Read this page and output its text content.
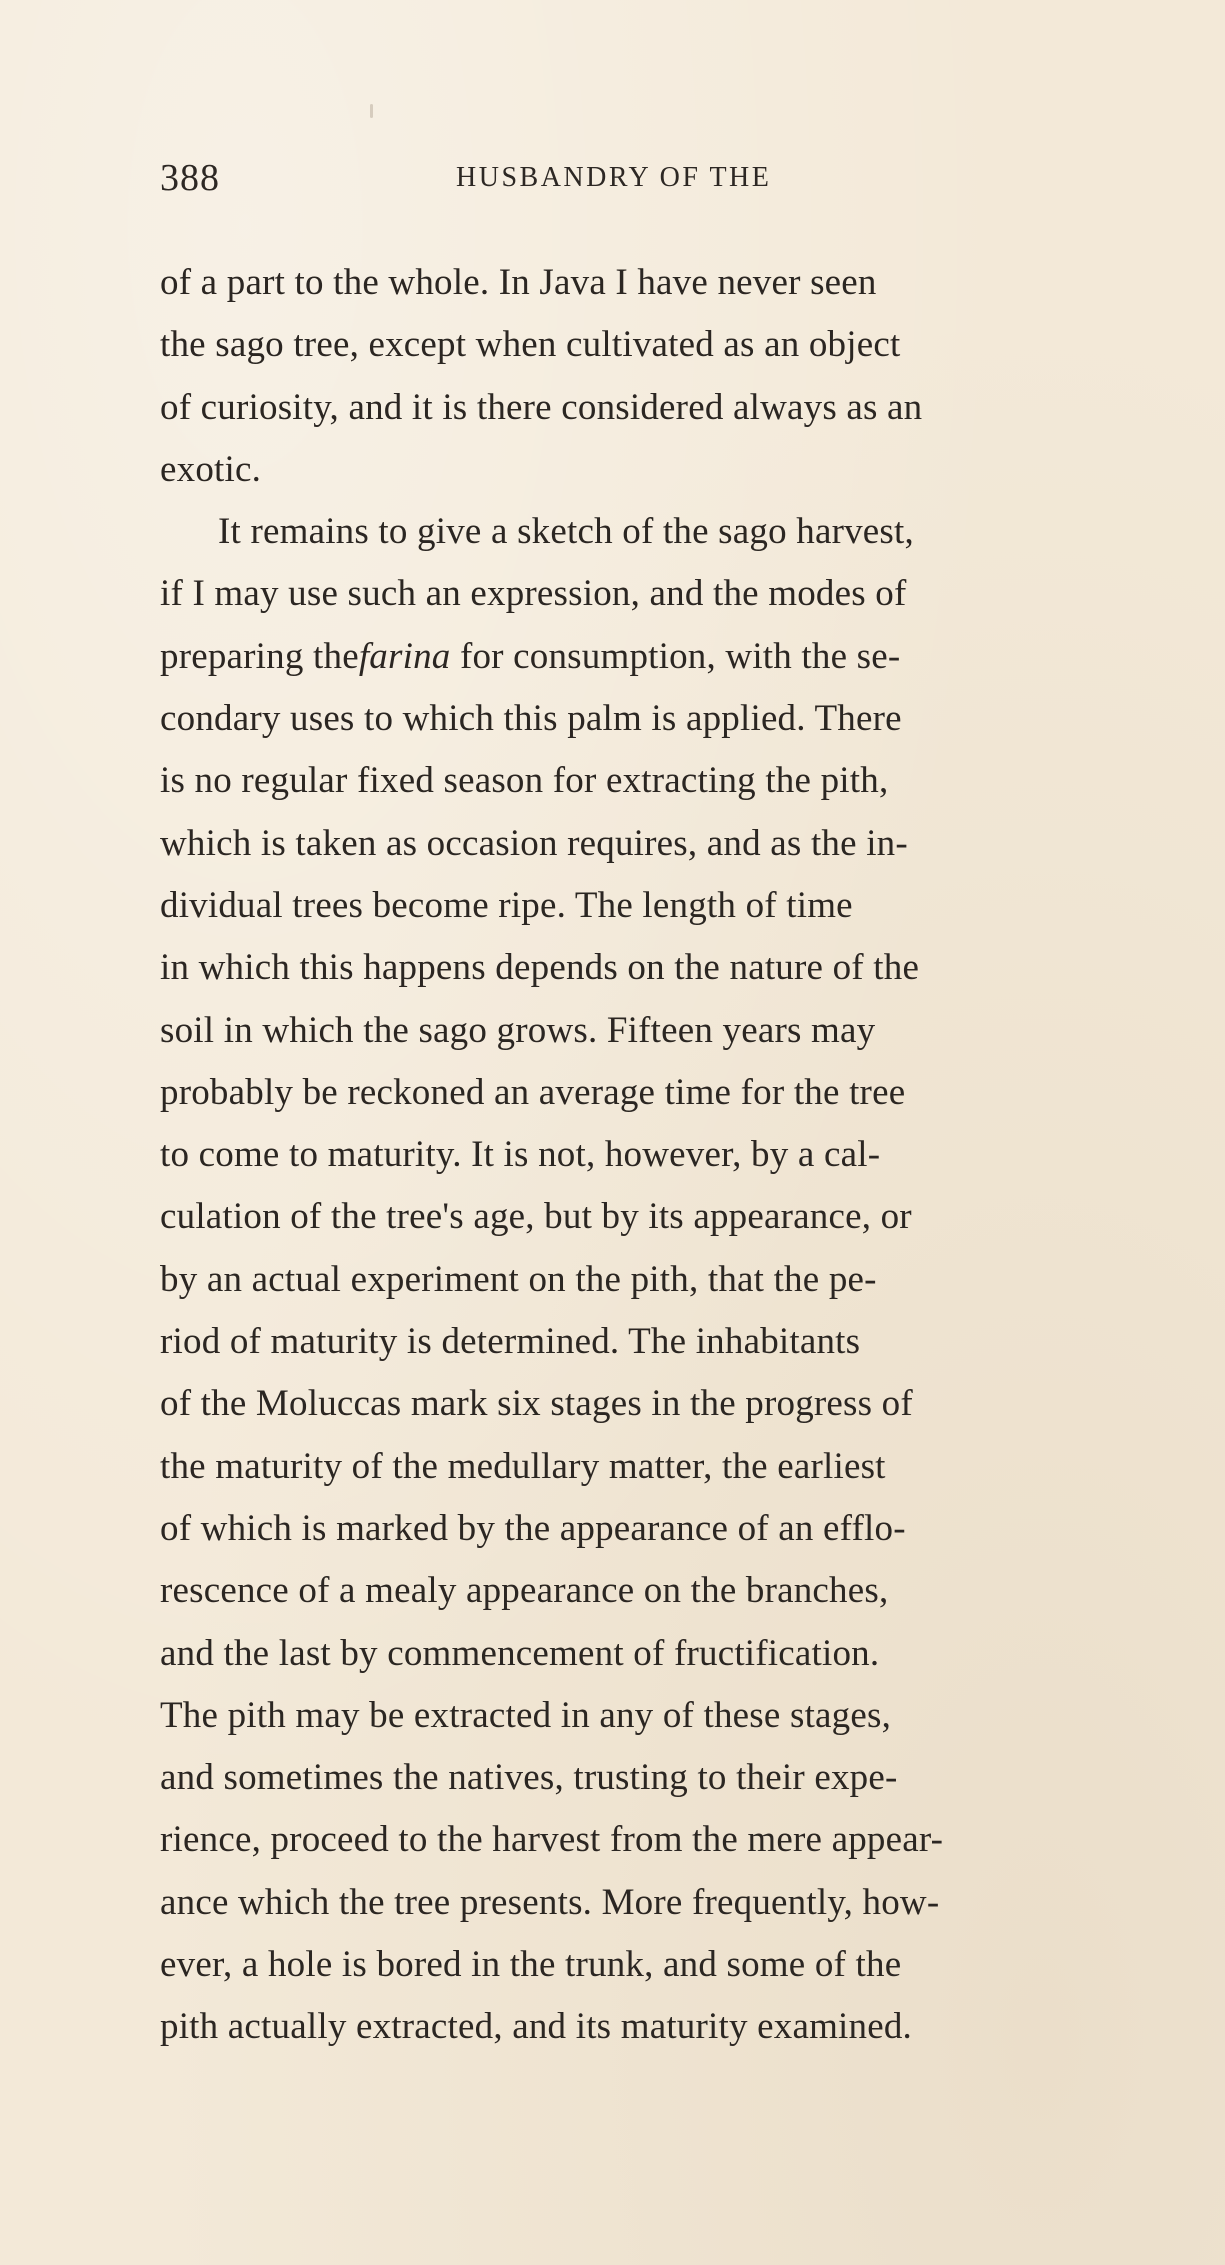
388	HUSBANDRY OF THE
of a part to the whole. In Java I have never seen
the sago tree, except when cultivated as an object
of curiosity, and it is there considered always as an
exotic.
It remains to give a sketch of the sago harvest,
if I may use such an expression, and the modes of
preparing thefarina for consumption, with the se-
condary uses to which this palm is applied. There
is no regular fixed season for extracting the pith,
which is taken as occasion requires, and as the in-
dividual trees become ripe. The length of time
in which this happens depends on the nature of the
soil in which the sago grows. Fifteen years may
probably be reckoned an average time for the tree
to come to maturity. It is not, however, by a cal-
culation of the tree's age, but by its appearance, or
by an actual experiment on the pith, that the pe-
riod of maturity is determined. The inhabitants
of the Moluccas mark six stages in the progress of
the maturity of the medullary matter, the earliest
of which is marked by the appearance of an efflo-
rescence of a mealy appearance on the branches,
and the last by commencement of fructification.
The pith may be extracted in any of these stages,
and sometimes the natives, trusting to their expe-
rience, proceed to the harvest from the mere appear-
ance which the tree presents. More frequently, how-
ever, a hole is bored in the trunk, and some of the
pith actually extracted, and its maturity examined.
